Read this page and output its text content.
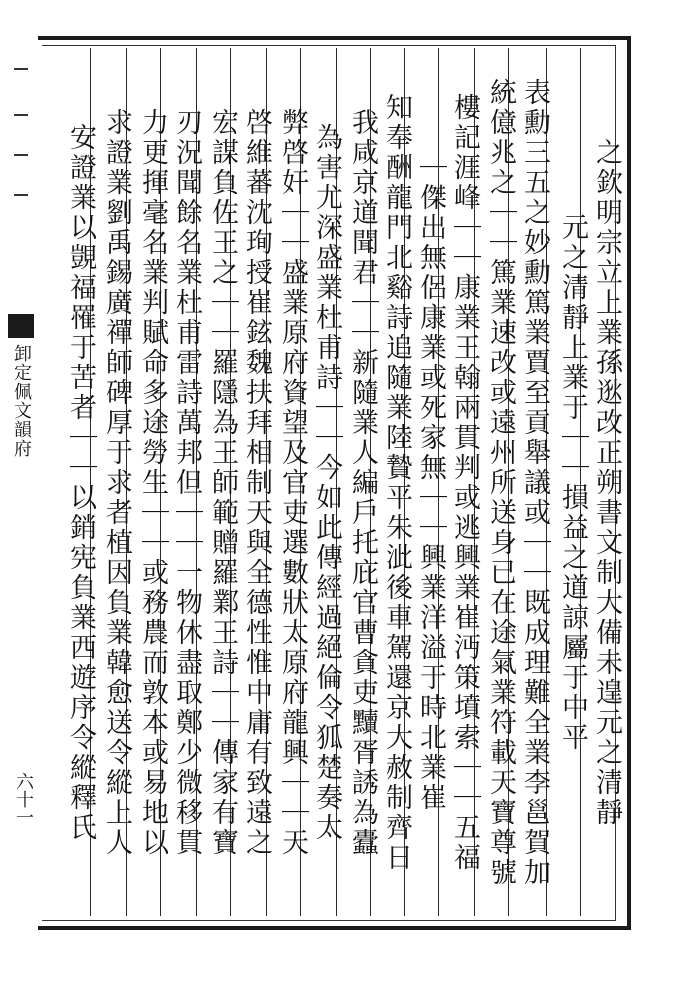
卸定佩文韻府
六十一	之欽明宗立上業孫逖改正朔書文制大備未遑元之清靜
元之清靜上業于｜｜損益之道諒屬于中平
表勳三五之妙勳篤業賈至貢舉議或｜｜既成理難全業李邕賀加
統億兆之｜｜篤業速改或遠州所送身已在途氣業符載天寶尊號
樓記涯峰｜｜康業王翰兩貫判或逃興業崔沔策墳索｜｜五福
｜傑出無侶康業或死家無｜｜興業洋溢于時北業崔
知奉酬龍門北谿詩追隨業陸贄平朱泚後車駕還京大赦制齊日
我咸京道聞君｜｜新隨業人編戶托庇官曹貪吏黷胥誘為蠹
為害尤深盛業杜甫詩｜｜今如此傳經過絕倫令狐楚奏太
弊啓奸｜｜盛業原府資望及官吏選數狀太原府龍興｜｜天
啓維蕃沈珣授崔鉉魏扶拜相制天與全德性惟中庸有致遠之
宏謀負佐王之｜｜羅隱為王師範贈羅鄴王詩｜｜傳家有寶
刃況聞餘名業杜甫雷詩萬邦但｜｜一物休盡取鄭少微移貫
力更揮毫名業判賦命多途勞生｜｜或務農而敦本或易地以
求證業劉禹錫廣禪師碑厚于求者植因負業韓愈送令縱上人
安證業以覬福罹于苦者｜｜以銷宪負業西遊序令縱釋氏
